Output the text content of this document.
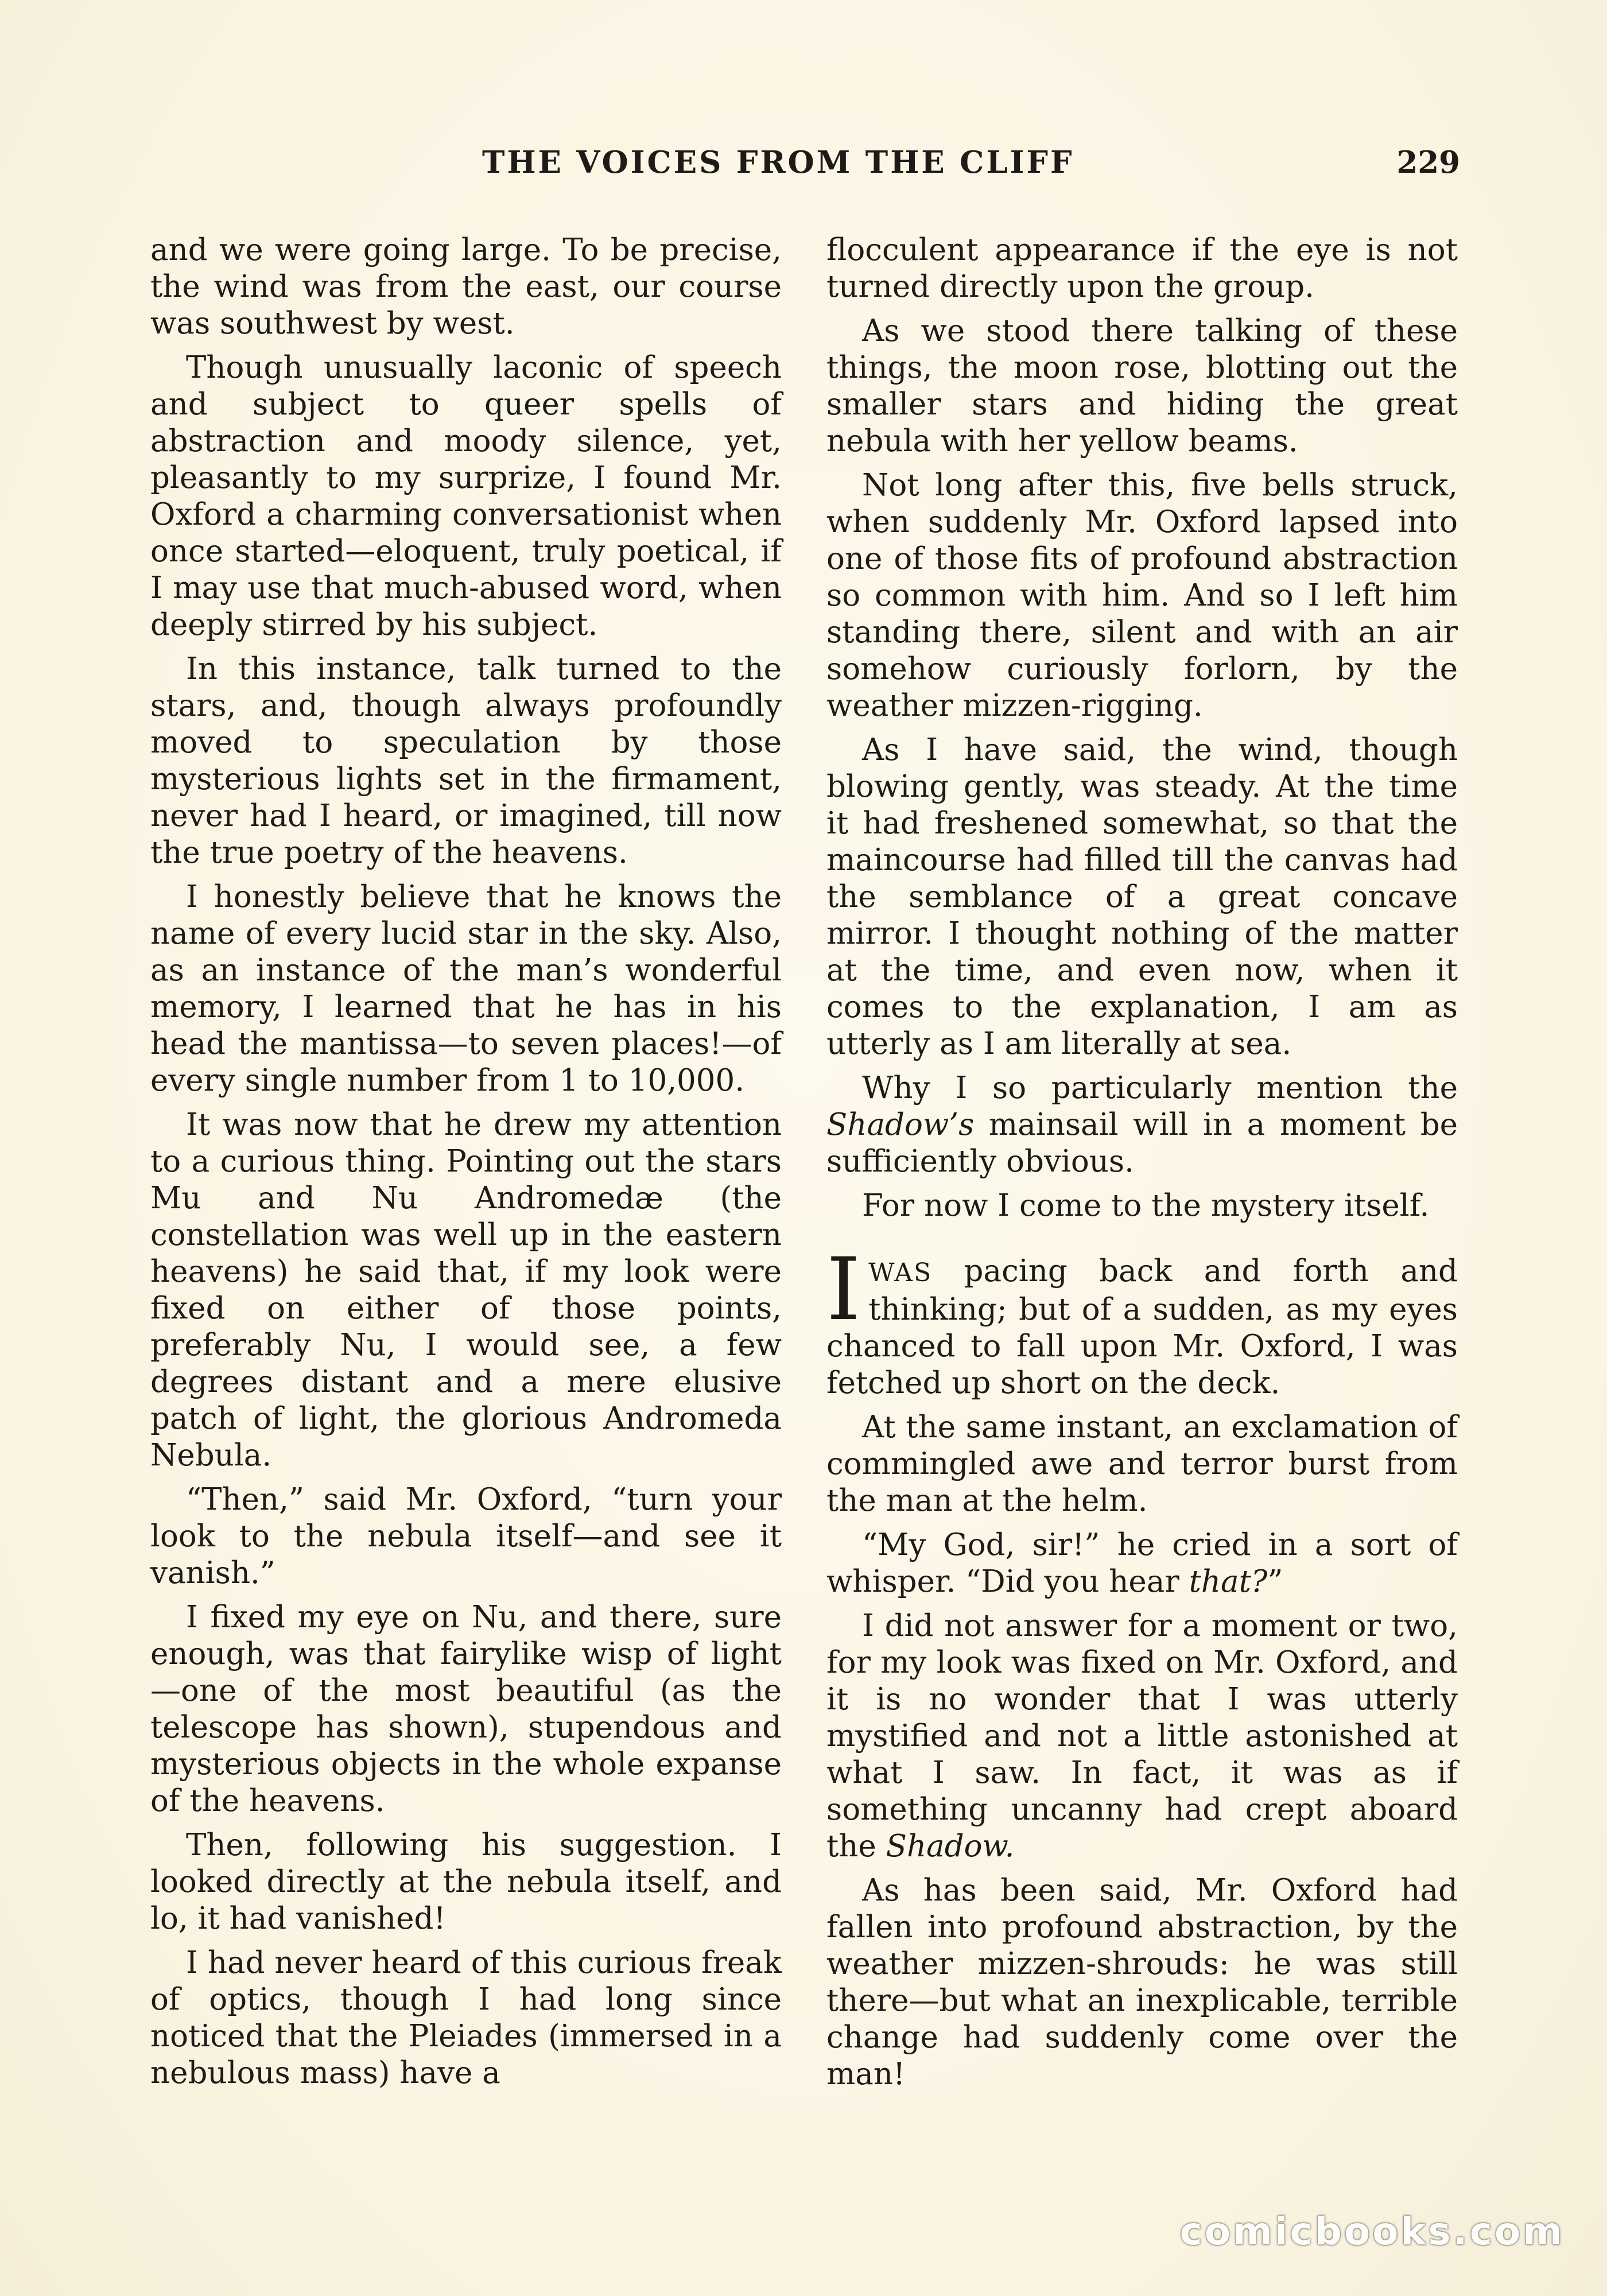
THE VOICES FROM THE CLIFF	229

and we were going large. To be precise, the wind was from the east, our course was southwest by west.

Though unusually laconic of speech and subject to queer spells of abstraction and moody silence, yet, pleasantly to my surprize, I found Mr. Oxford a charming conversationist when once started—eloquent, truly poetical, if I may use that much-abused word, when deeply stirred by his subject.

In this instance, talk turned to the stars, and, though always profoundly moved to speculation by those mysterious lights set in the firmament, never had I heard, or imagined, till now the true poetry of the heavens.

I honestly believe that he knows the name of every lucid star in the sky. Also, as an instance of the man’s wonderful memory, I learned that he has in his head the mantissa—to seven places!—of every single number from 1 to 10,000.

It was now that he drew my attention to a curious thing. Pointing out the stars Mu and Nu Andromedæ (the constellation was well up in the eastern heavens) he said that, if my look were fixed on either of those points, preferably Nu, I would see, a few degrees distant and a mere elusive patch of light, the glorious Andromeda Nebula.

“Then,” said Mr. Oxford, “turn your look to the nebula itself—and see it vanish.”

I fixed my eye on Nu, and there, sure enough, was that fairylike wisp of light—one of the most beautiful (as the telescope has shown), stupendous and mysterious objects in the whole expanse of the heavens.

Then, following his suggestion. I looked directly at the nebula itself, and lo, it had vanished!

I had never heard of this curious freak of optics, though I had long since noticed that the Pleiades (immersed in a nebulous mass) have a

flocculent appearance if the eye is not turned directly upon the group.

As we stood there talking of these things, the moon rose, blotting out the smaller stars and hiding the great nebula with her yellow beams.

Not long after this, five bells struck, when suddenly Mr. Oxford lapsed into one of those fits of profound abstraction so common with him. And so I left him standing there, silent and with an air somehow curiously forlorn, by the weather mizzen-rigging.

As I have said, the wind, though blowing gently, was steady. At the time it had freshened somewhat, so that the maincourse had filled till the canvas had the semblance of a great concave mirror. I thought nothing of the matter at the time, and even now, when it comes to the explanation, I am as utterly as I am literally at sea.

Why I so particularly mention the Shadow’s mainsail will in a moment be sufficiently obvious.

For now I come to the mystery itself.

IWAS pacing back and forth and thinking; but of a sudden, as my eyes chanced to fall upon Mr. Oxford, I was fetched up short on the deck.

At the same instant, an exclamation of commingled awe and terror burst from the man at the helm.

“My God, sir!” he cried in a sort of whisper. “Did you hear that?”

I did not answer for a moment or two, for my look was fixed on Mr. Oxford, and it is no wonder that I was utterly mystified and not a little astonished at what I saw. In fact, it was as if something uncanny had crept aboard the Shadow.

As has been said, Mr. Oxford had fallen into profound abstraction, by the weather mizzen-shrouds: he was still there—but what an inexplicable, terrible change had suddenly come over the man!

comicbooks.com
